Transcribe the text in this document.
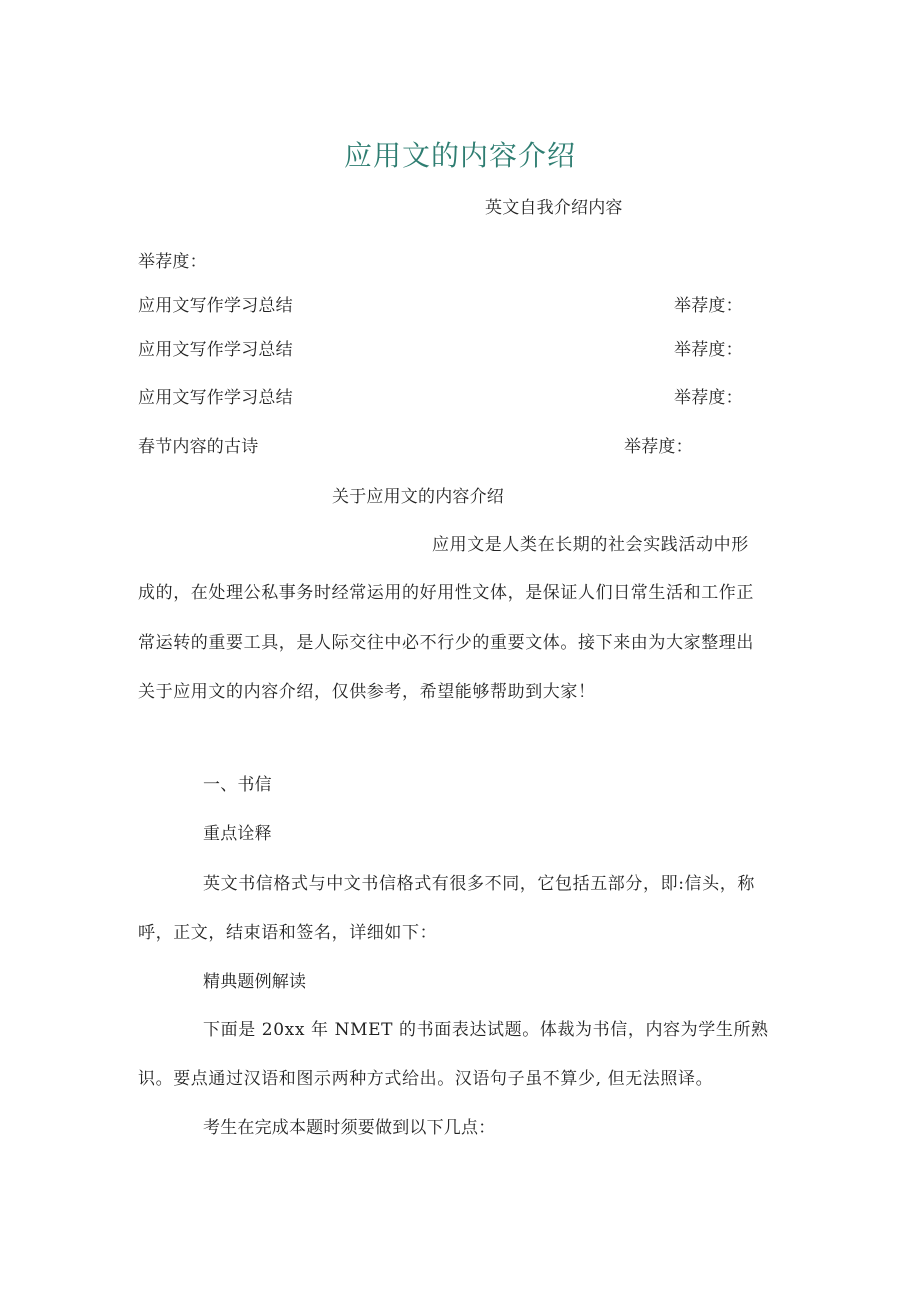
应用文的内容介绍
英文自我介绍内容
举荐度：
应用文写作学习总结	举荐度：
应用文写作学习总结	举荐度：
应用文写作学习总结	举荐度：
春节内容的古诗	举荐度：
关于应用文的内容介绍
应用文是人类在长期的社会实践活动中形
成的，在处理公私事务时经常运用的好用性文体，是保证人们日常生活和工作正
常运转的重要工具，是人际交往中必不行少的重要文体。接下来由为大家整理出
关于应用文的内容介绍，仅供参考，希望能够帮助到大家！
一、书信
重点诠释
英文书信格式与中文书信格式有很多不同，它包括五部分，即:信头，称
呼，正文，结束语和签名，详细如下：
精典题例解读
下面是 20xx 年 NMET 的书面表达试题。体裁为书信，内容为学生所熟
识。要点通过汉语和图示两种方式给出。汉语句子虽不算少, 但无法照译。
考生在完成本题时须要做到以下几点：
